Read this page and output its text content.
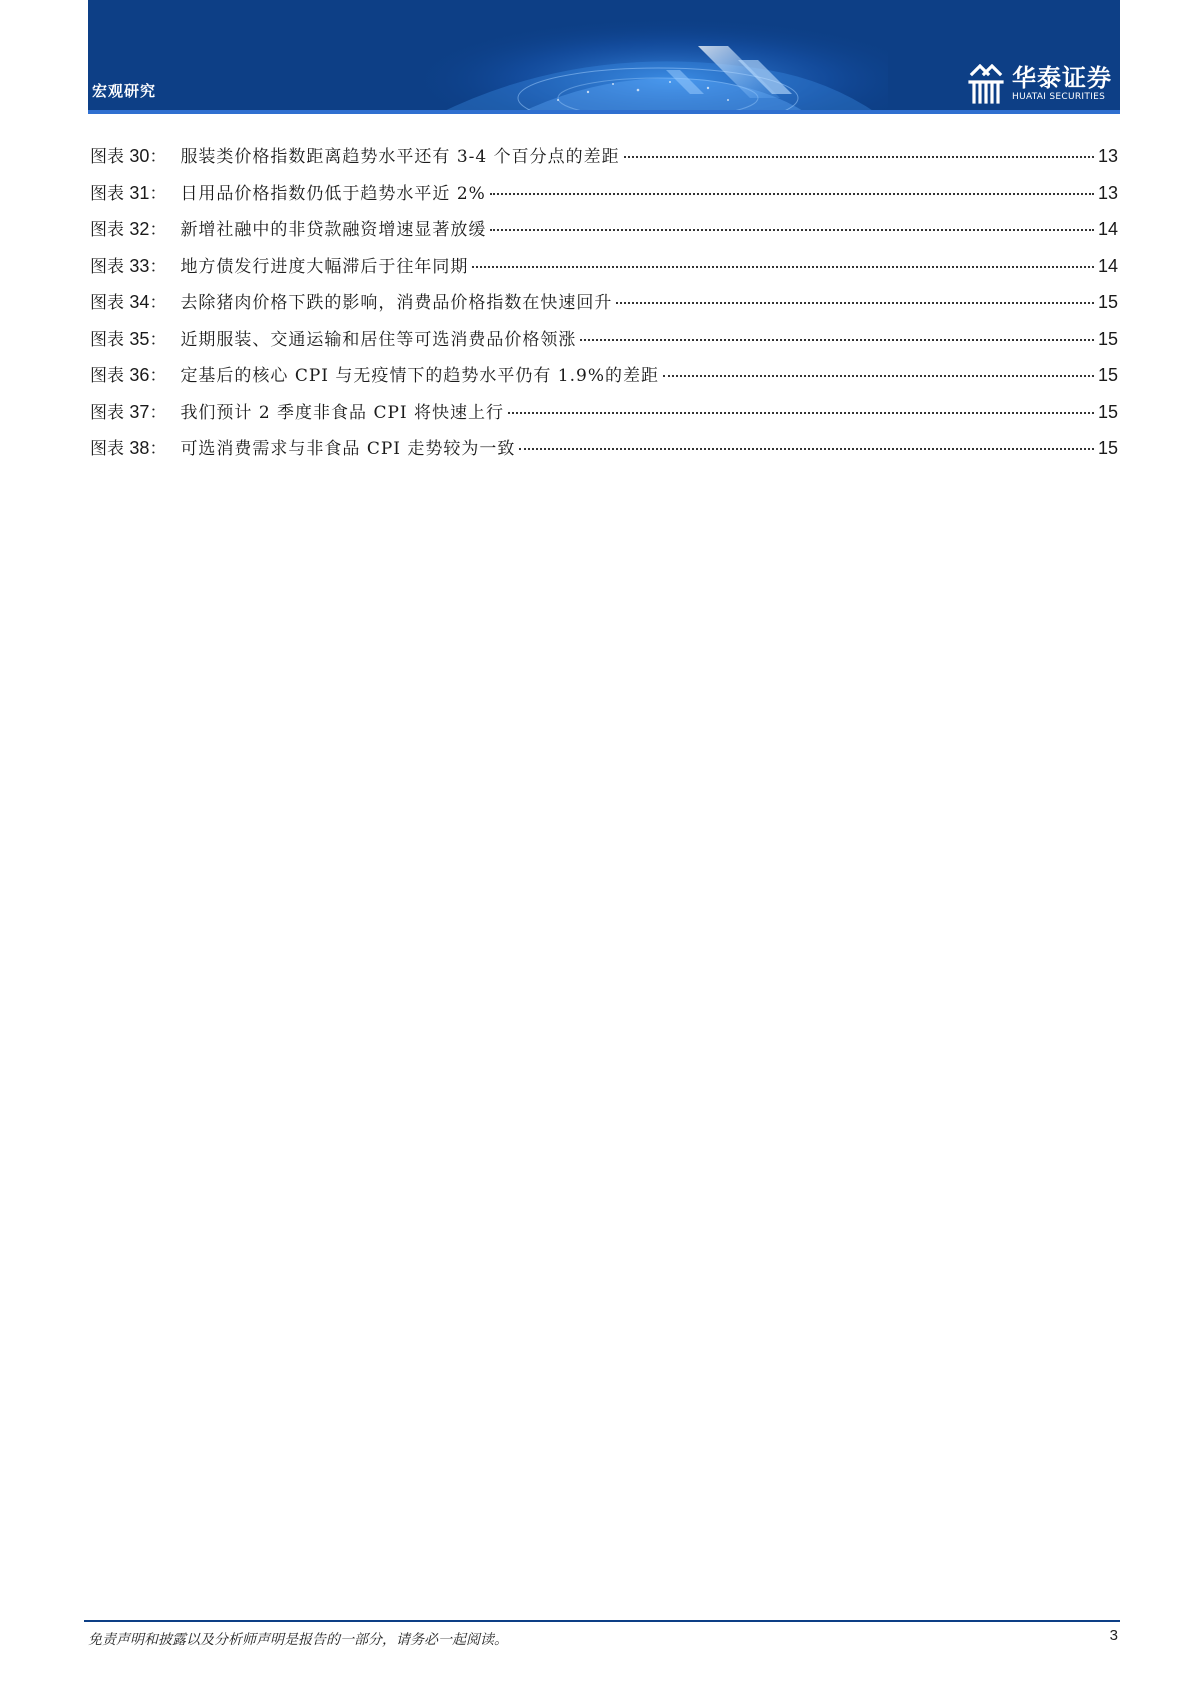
宏观研究	华泰证券
HUATAI SECURITIES
图表 30： 服装类价格指数距离趋势水平还有 3-4 个百分点的差距	13
图表 31： 日用品价格指数仍低于趋势水平近 2%	13
图表 32： 新增社融中的非贷款融资增速显著放缓	14
图表 33： 地方债发行进度大幅滞后于往年同期	14
图表 34： 去除猪肉价格下跌的影响，消费品价格指数在快速回升	15
图表 35： 近期服装、交通运输和居住等可选消费品价格领涨	15
图表 36： 定基后的核心 CPI 与无疫情下的趋势水平仍有 1.9%的差距	15
图表 37： 我们预计 2 季度非食品 CPI 将快速上行	15
图表 38： 可选消费需求与非食品 CPI 走势较为一致	15
免责声明和披露以及分析师声明是报告的一部分，请务必一起阅读。	3
